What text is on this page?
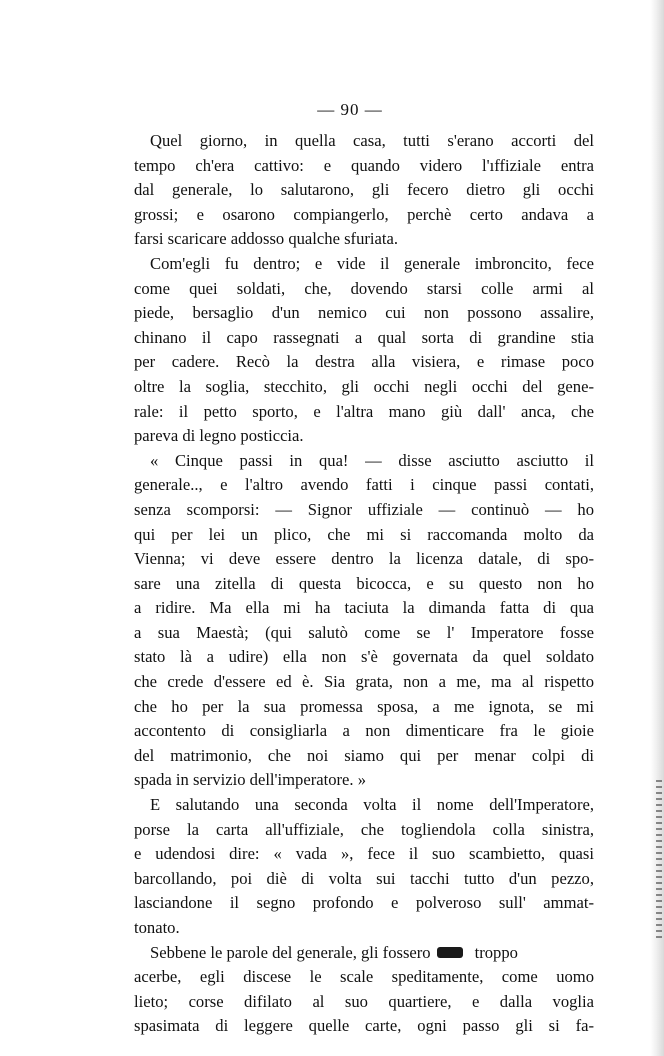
— 90 —
Quel giorno, in quella casa, tutti s'erano accorti del
tempo ch'era cattivo: e quando videro l'ıffiziale entra
dal generale, lo salutarono, gli fecero dietro gli occhi
grossi; e osarono compiangerlo, perchè certo andava a
farsi scaricare addosso qualche sfuriata.
Com'egli fu dentro; e vide il generale imbroncito, fece
come quei soldati, che, dovendo starsi colle armi al
piede, bersaglio d'un nemico cui non possono assalire,
chinano il capo rassegnati a qual sorta di grandine stia
per cadere. Recò la destra alla visiera, e rimase poco
oltre la soglia, stecchito, gli occhi negli occhi del gene-
rale: il petto sporto, e l'altra mano giù dall' anca, che
pareva di legno posticcia.
« Cinque passi in qua! — disse asciutto asciutto il
generale.., e l'altro avendo fatti i cinque passi contati,
senza scomporsi: — Signor uffiziale — continuò — ho
qui per lei un plico, che mi si raccomanda molto da
Vienna; vi deve essere dentro la licenza datale, di spo-
sare una zitella di questa bicocca, e su questo non ho
a ridire. Ma ella mi ha taciuta la dimanda fatta di qua
a sua Maestà; (qui salutò come se l' Imperatore fosse
stato là a udire) ella non s'è governata da quel soldato
che crede d'essere ed è. Sia grata, non a me, ma al rispetto
che ho per la sua promessa sposa, a me ignota, se mi
accontento di consigliarla a non dimenticare fra le gioie
del matrimonio, che noi siamo qui per menar colpi di
spada in servizio dell'imperatore. »
E salutando una seconda volta il nome dell'Imperatore,
porse la carta all'uffiziale, che togliendola colla sinistra,
e udendosi dire: « vada », fece il suo scambietto, quasi
barcollando, poi diè di volta sui tacchi tutto d'un pezzo,
lasciandone il segno profondo e polveroso sull' ammat-
tonato.
Sebbene le parole del generale, gli fossero	troppo
acerbe, egli discese le scale speditamente, come uomo
lieto; corse difilato al suo quartiere, e dalla voglia
spasimata di leggere quelle carte, ogni passo gli si fa-
